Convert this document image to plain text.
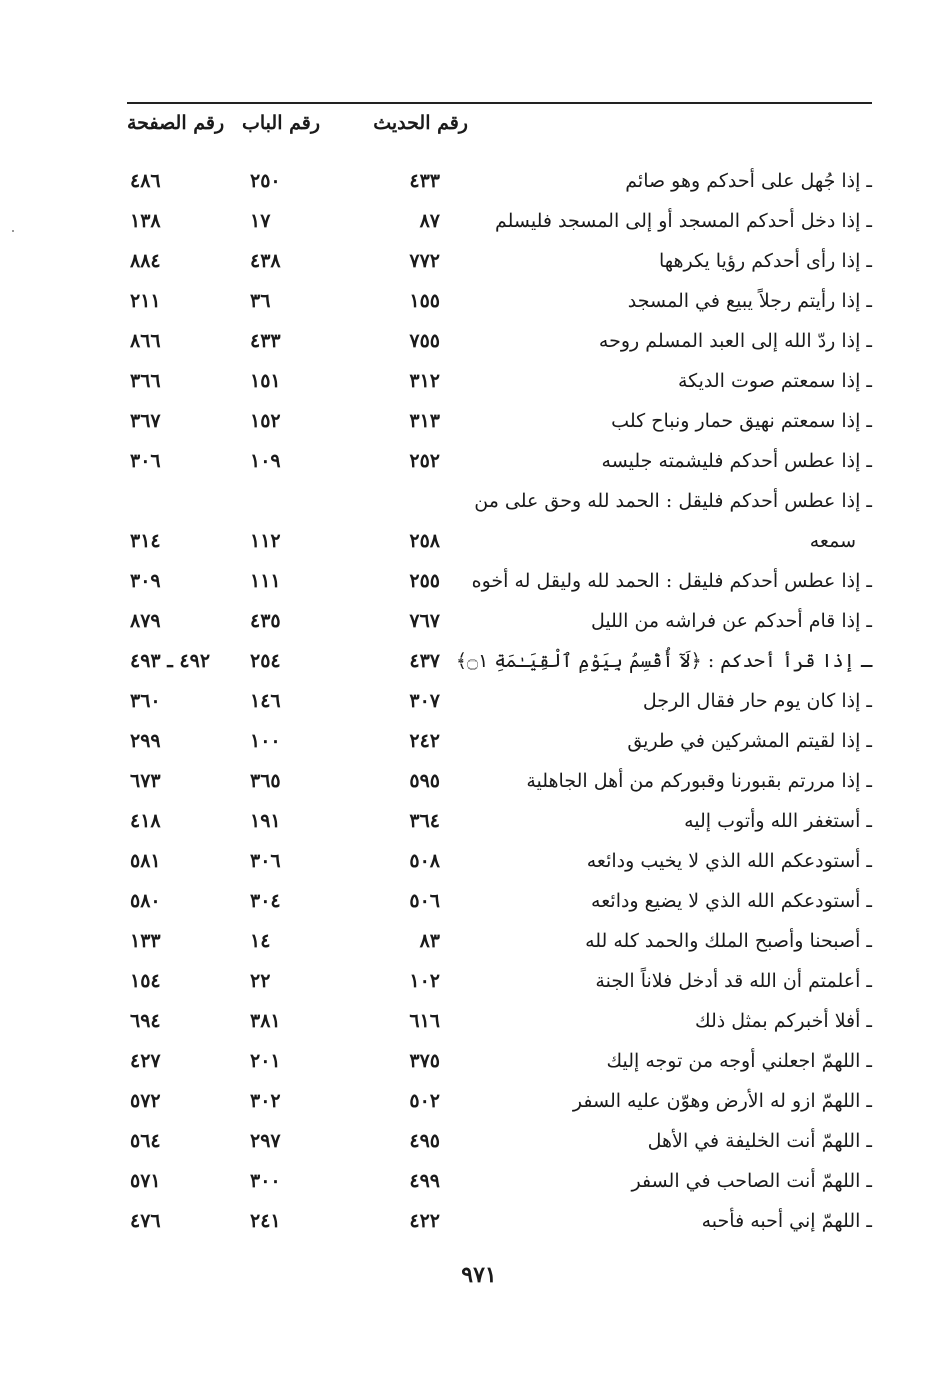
رقم الحديث
رقم الباب
رقم الصفحة
ـ إذا جُهل على أحدكم وهو صائم
٤٣٣
٢٥٠
٤٨٦
ـ إذا دخل أحدكم المسجد أو إلى المسجد فليسلم
٨٧
١٧
١٣٨
ـ إذا رأى أحدكم رؤيا يكرهها
٧٧٢
٤٣٨
٨٨٤
ـ إذا رأيتم رجلاً يبيع في المسجد
١٥٥
٣٦
٢١١
ـ إذا ردّ الله إلى العبد المسلم روحه
٧٥٥
٤٣٣
٨٦٦
ـ إذا سمعتم صوت الديكة
٣١٢
١٥١
٣٦٦
ـ إذا سمعتم نهيق حمار ونباح كلب
٣١٣
١٥٢
٣٦٧
ـ إذا عطس أحدكم فليشمته جليسه
٢٥٢
١٠٩
٣٠٦
ـ إذا عطس أحدكم فليقل : الحمد لله وحق على من
٢٥٨
١١٢
٣١٤	سمعه
ـ إذا عطس أحدكم فليقل : الحمد لله وليقل له أخوه
٢٥٥
١١١
٣٠٩
ـ إذا قام أحدكم عن فراشه من الليل
٧٦٧
٤٣٥
٨٧٩
ـ إذا قرأ أحدكم : ﴿لَآ أُقْسِمُ بِيَوْمِ ٱلْقِيَـٰمَةِ ۝١﴾
٤٣٧
٢٥٤
٤٩٢ ـ ٤٩٣
ـ إذا كان يوم حار فقال الرجل
٣٠٧
١٤٦
٣٦٠
ـ إذا لقيتم المشركين في طريق
٢٤٢
١٠٠
٢٩٩
ـ إذا مررتم بقبورنا وقبوركم من أهل الجاهلية
٥٩٥
٣٦٥
٦٧٣
ـ أستغفر الله وأتوب إليه
٣٦٤
١٩١
٤١٨
ـ أستودعكم الله الذي لا يخيب ودائعه
٥٠٨
٣٠٦
٥٨١
ـ أستودعكم الله الذي لا يضيع ودائعه
٥٠٦
٣٠٤
٥٨٠
ـ أصبحنا وأصبح الملك والحمد كله لله
٨٣
١٤
١٣٣
ـ أعلمتم أن الله قد أدخل فلاناً الجنة
١٠٢
٢٢
١٥٤
ـ أفلا أخبركم بمثل ذلك
٦١٦
٣٨١
٦٩٤
ـ اللهمّ اجعلني أوجه من توجه إليك
٣٧٥
٢٠١
٤٢٧
ـ اللهمّ ازو له الأرض وهوّن عليه السفر
٥٠٢
٣٠٢
٥٧٢
ـ اللهمّ أنت الخليفة في الأهل
٤٩٥
٢٩٧
٥٦٤
ـ اللهمّ أنت الصاحب في السفر
٤٩٩
٣٠٠
٥٧١
ـ اللهمّ إني أحبه فأحبه
٤٢٢
٢٤١
٤٧٦
٩٧١
